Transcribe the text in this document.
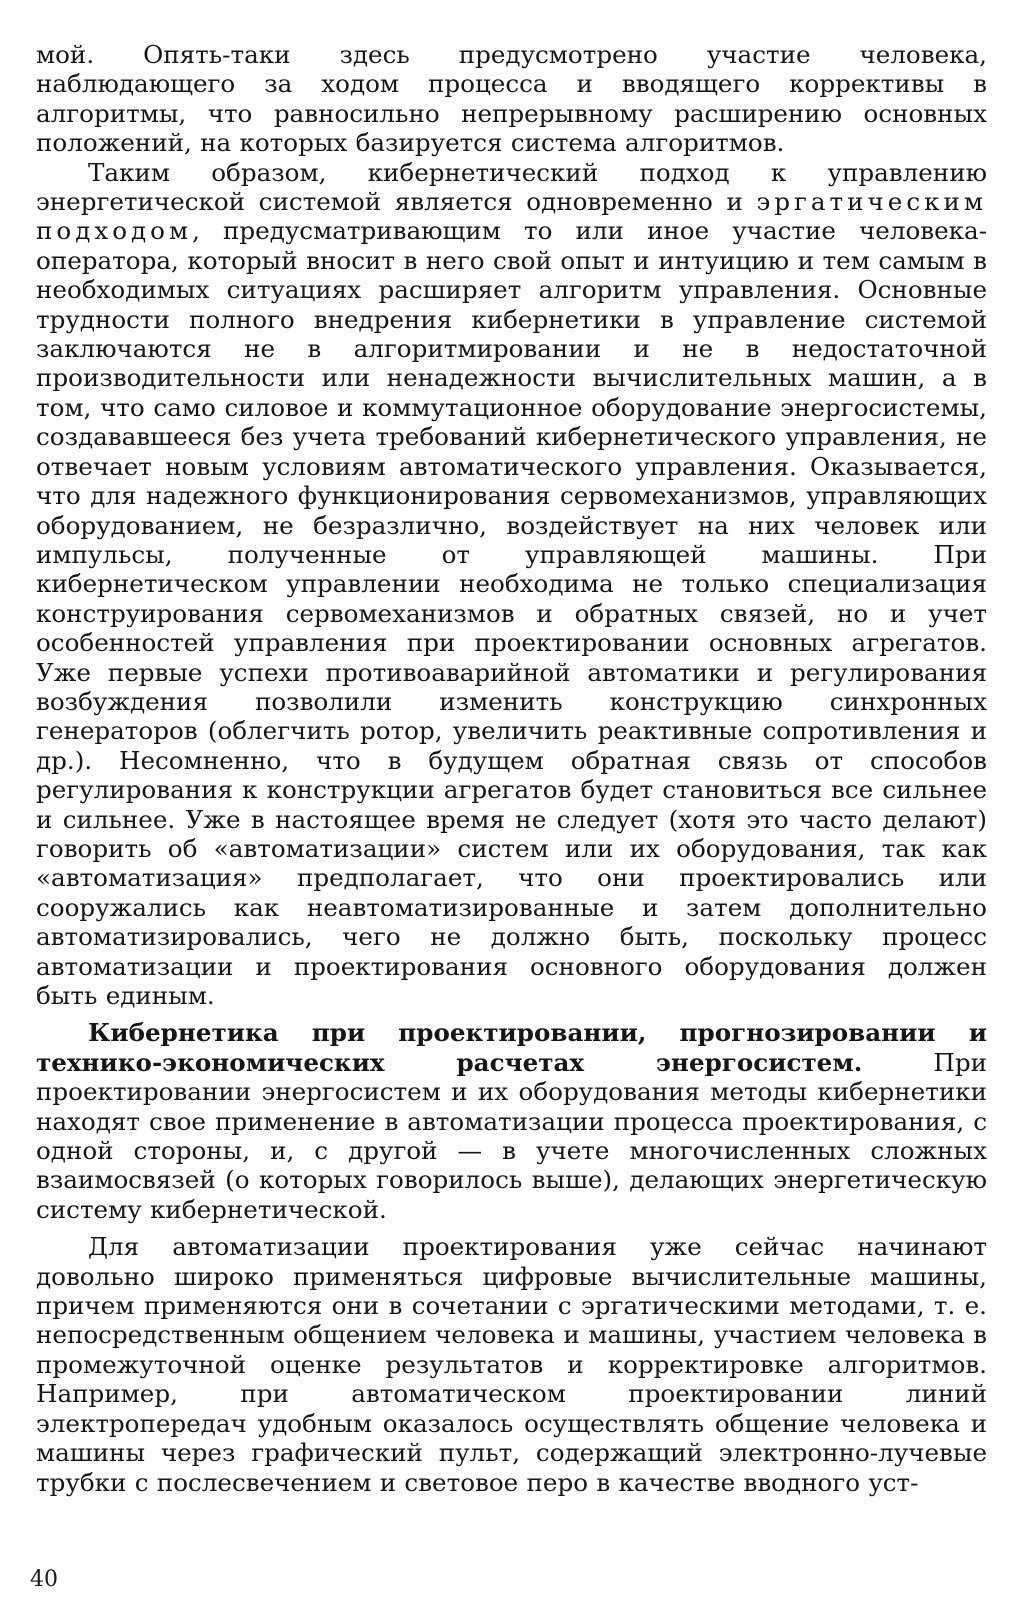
мой. Опять-таки здесь предусмотрено участие человека, наблюдающего за ходом процесса и вводящего коррективы в алгоритмы, что равносильно непрерывному расширению основных положений, на которых базируется система алгоритмов.

Таким образом, кибернетический подход к управлению энергетической системой является одновременно и эргатическим подходом, предусматривающим то или иное участие человека-оператора, который вносит в него свой опыт и интуицию и тем самым в необходимых ситуациях расширяет алгоритм управления. Основные трудности полного внедрения кибернетики в управление системой заключаются не в алгоритмировании и не в недостаточной производительности или ненадежности вычислительных машин, а в том, что само силовое и коммутационное оборудование энергосистемы, создававшееся без учета требований кибернетического управления, не отвечает новым условиям автоматического управления. Оказывается, что для надежного функционирования сервомеханизмов, управляющих оборудованием, не безразлично, воздействует на них человек или импульсы, полученные от управляющей машины. При кибернетическом управлении необходима не только специализация конструирования сервомеханизмов и обратных связей, но и учет особенностей управления при проектировании основных агрегатов. Уже первые успехи противоаварийной автоматики и регулирования возбуждения позволили изменить конструкцию синхронных генераторов (облегчить ротор, увеличить реактивные сопротивления и др.). Несомненно, что в будущем обратная связь от способов регулирования к конструкции агрегатов будет становиться все сильнее и сильнее. Уже в настоящее время не следует (хотя это часто делают) говорить об «автоматизации» систем или их оборудования, так как «автоматизация» предполагает, что они проектировались или сооружались как неавтоматизированные и затем дополнительно автоматизировались, чего не должно быть, поскольку процесс автоматизации и проектирования основного оборудования должен быть единым.

Кибернетика при проектировании, прогнозировании и технико-экономических расчетах энергосистем. При проектировании энергосистем и их оборудования методы кибернетики находят свое применение в автоматизации процесса проектирования, с одной стороны, и, с другой — в учете многочисленных сложных взаимосвязей (о которых говорилось выше), делающих энергетическую систему кибернетической.

Для автоматизации проектирования уже сейчас начинают довольно широко применяться цифровые вычислительные машины, причем применяются они в сочетании с эргатическими методами, т. е. непосредственным общением человека и машины, участием человека в промежуточной оценке результатов и корректировке алгоритмов. Например, при автоматическом проектировании линий электропередач удобным оказалось осуществлять общение человека и машины через графический пульт, содержащий электронно-лучевые трубки с послесвечением и световое перо в качестве вводного уст-

40
